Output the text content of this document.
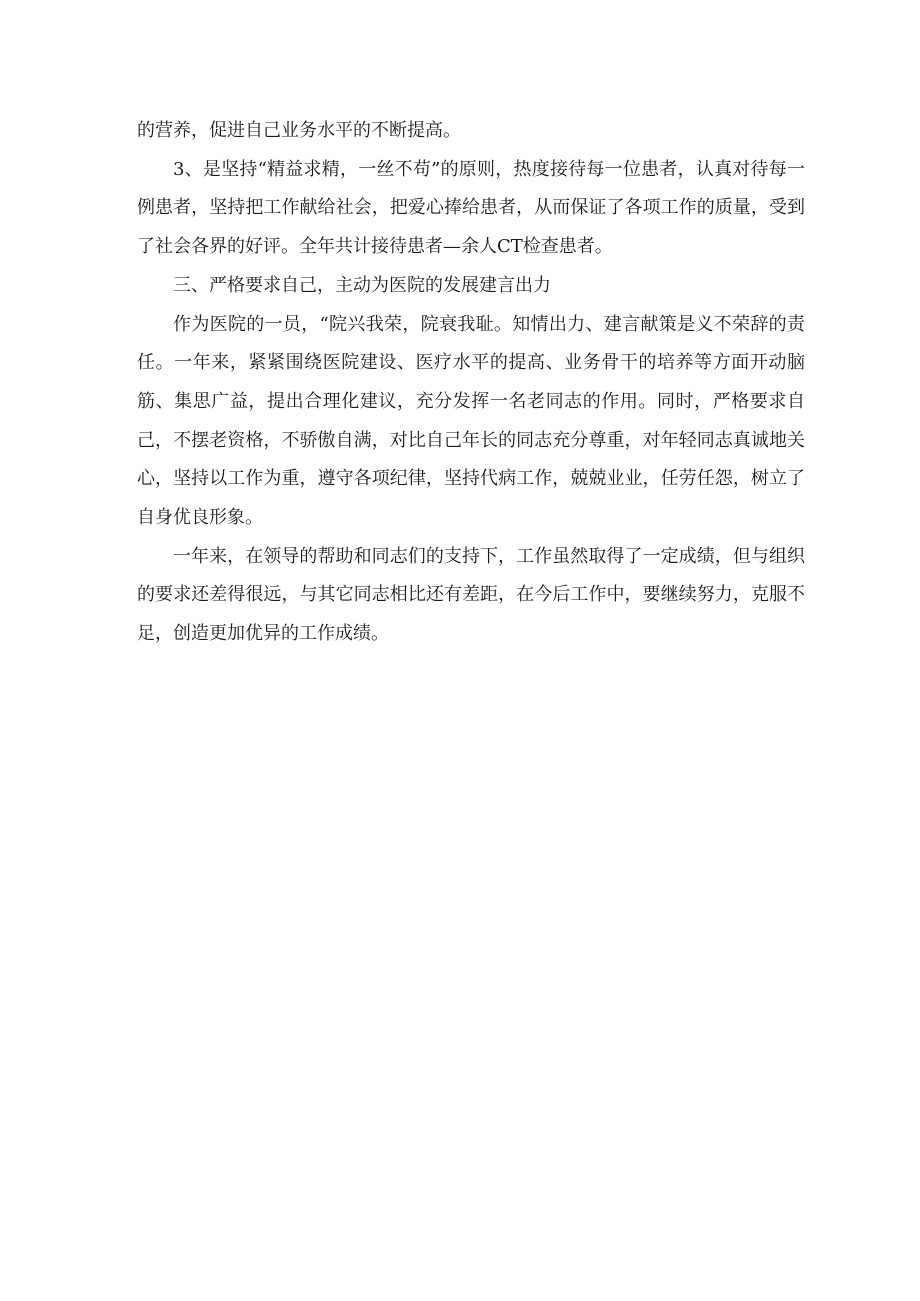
的营养，促进自己业务水平的不断提高。

3、是坚持“精益求精，一丝不苟”的原则，热度接待每一位患者，认真对待每一例患者，坚持把工作献给社会，把爱心捧给患者，从而保证了各项工作的质量，受到了社会各界的好评。全年共计接待患者—余人CT检查患者。

三、严格要求自己，主动为医院的发展建言出力

作为医院的一员，“院兴我荣，院衰我耻。知情出力、建言献策是义不荣辞的责任。一年来，紧紧围绕医院建设、医疗水平的提高、业务骨干的培养等方面开动脑筋、集思广益，提出合理化建议，充分发挥一名老同志的作用。同时，严格要求自己，不摆老资格，不骄傲自满，对比自己年长的同志充分尊重，对年轻同志真诚地关心，坚持以工作为重，遵守各项纪律，坚持代病工作，兢兢业业，任劳任怨，树立了自身优良形象。

一年来，在领导的帮助和同志们的支持下，工作虽然取得了一定成绩，但与组织的要求还差得很远，与其它同志相比还有差距，在今后工作中，要继续努力，克服不足，创造更加优异的工作成绩。
